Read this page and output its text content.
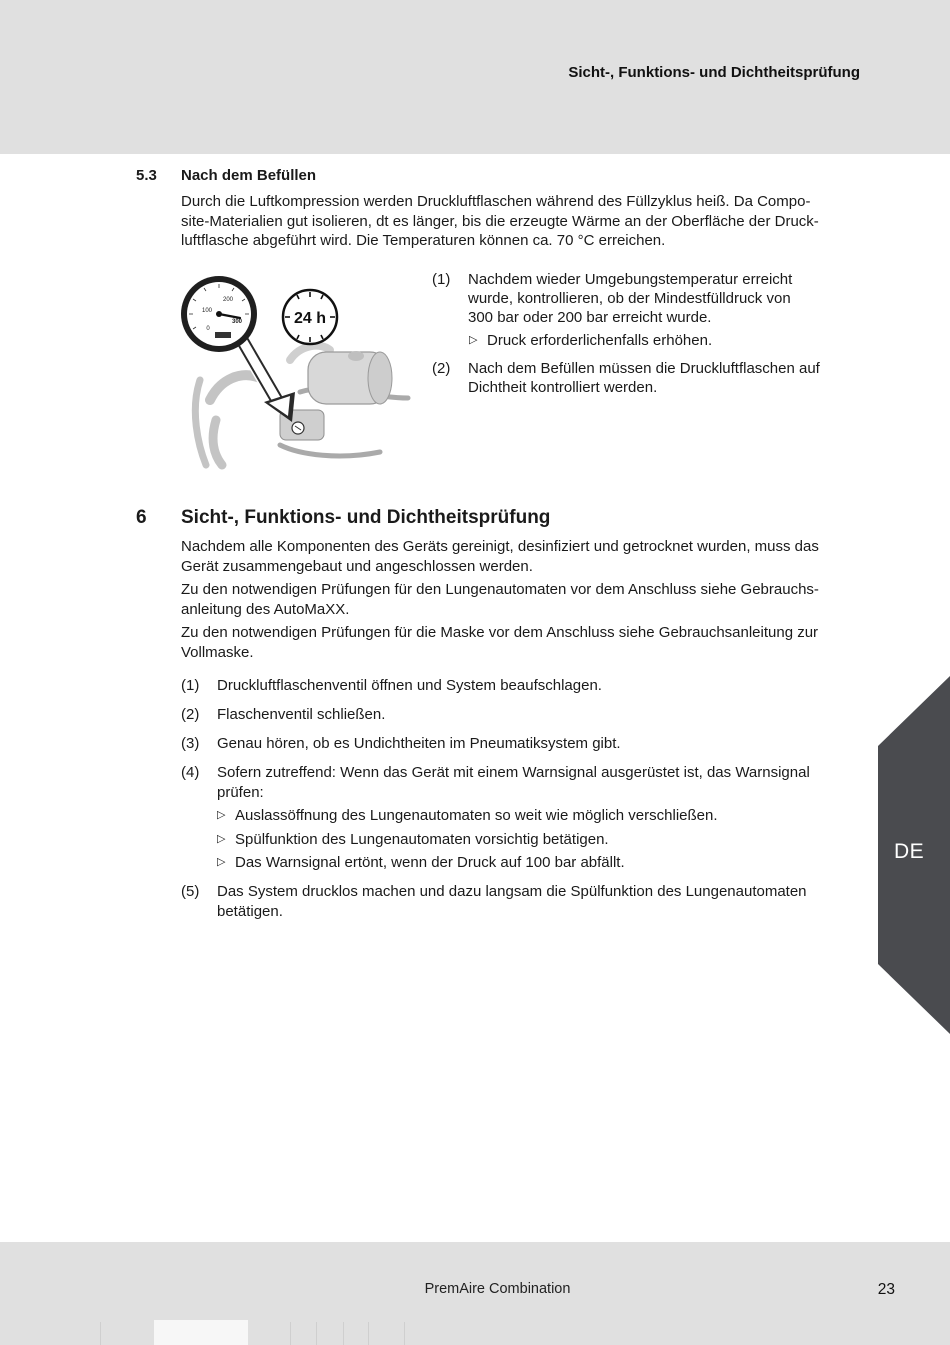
Sicht-, Funktions- und Dichtheitsprüfung
5.3	Nach dem Befüllen
Durch die Luftkompression werden Druckluftflaschen während des Füllzyklus heiß. Da Compo-
site-Materialien gut isolieren, dt es länger, bis die erzeugte Wärme an der Oberfläche der Druck-
luftflasche abgeführt wird. Die Temperaturen können ca. 70 °C erreichen.
200
100
300
0
24 h
(1) Nachdem wieder Umgebungstemperatur erreicht
wurde, kontrollieren, ob der Mindestfülldruck von
300 bar oder 200 bar erreicht wurde.
▷ Druck erforderlichenfalls erhöhen.
(2) Nach dem Befüllen müssen die Druckluftflaschen auf
Dichtheit kontrolliert werden.
6 Sicht-, Funktions- und Dichtheitsprüfung
Nachdem alle Komponenten des Geräts gereinigt, desinfiziert und getrocknet wurden, muss das
Gerät zusammengebaut und angeschlossen werden.
Zu den notwendigen Prüfungen für den Lungenautomaten vor dem Anschluss siehe Gebrauchs-
anleitung des AutoMaXX.
Zu den notwendigen Prüfungen für die Maske vor dem Anschluss siehe Gebrauchsanleitung zur
Vollmaske.
(1) Druckluftflaschenventil öffnen und System beaufschlagen.
(2) Flaschenventil schließen.
(3) Genau hören, ob es Undichtheiten im Pneumatiksystem gibt.
(4) Sofern zutreffend: Wenn das Gerät mit einem Warnsignal ausgerüstet ist, das Warnsignal
prüfen:
▷ Auslassöffnung des Lungenautomaten so weit wie möglich verschließen.
▷ Spülfunktion des Lungenautomaten vorsichtig betätigen.
▷ Das Warnsignal ertönt, wenn der Druck auf 100 bar abfällt.
(5) Das System drucklos machen und dazu langsam die Spülfunktion des Lungenautomaten
betätigen.
DE
PremAire Combination	23
